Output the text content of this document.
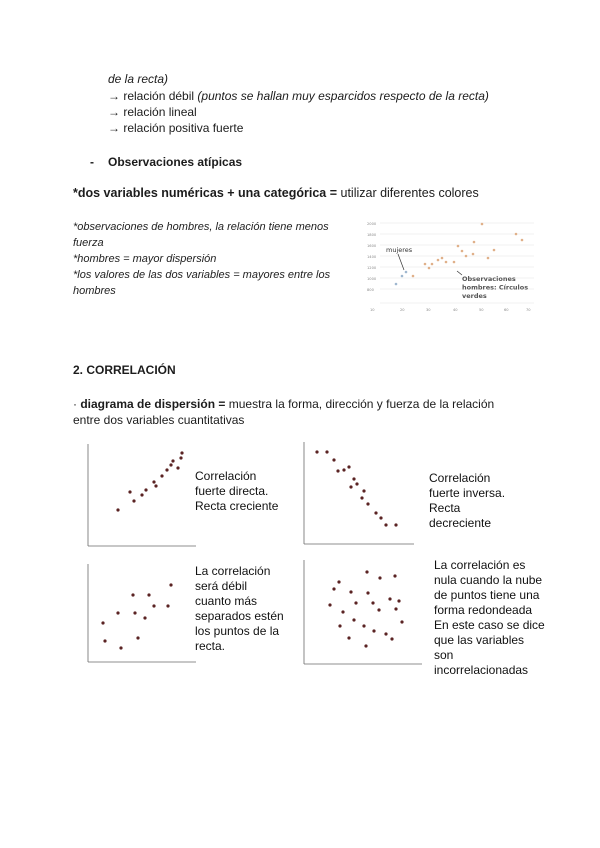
de la recta)
→ relación débil (puntos se hallan muy esparcidos respecto de la recta)
→ relación lineal
→ relación positiva fuerte
- Observaciones atípicas
*dos variables numéricas + una categórica = utilizar diferentes colores
*observaciones de hombres, la relación tiene menos
fuerza
*hombres = mayor dispersión
*los valores de las dos variables = mayores entre los
hombres
2000
1800
1600
1400
1200
1000
800
10	20	30	40	50	60	70
mujeres
Observaciones
hombres: Círculos
verdes
2. CORRELACIÓN
· diagrama de dispersión = muestra la forma, dirección y fuerza de la relación
entre dos variables cuantitativas
Correlación
fuerte directa.
Recta creciente
Correlación
fuerte inversa.
Recta
decreciente
La correlación
será débil
cuanto más
separados estén
los puntos de la
recta.
La correlación es
nula cuando la nube
de puntos tiene una
forma redondeada
En este caso se dice
que las variables son
incorrelacionadas
